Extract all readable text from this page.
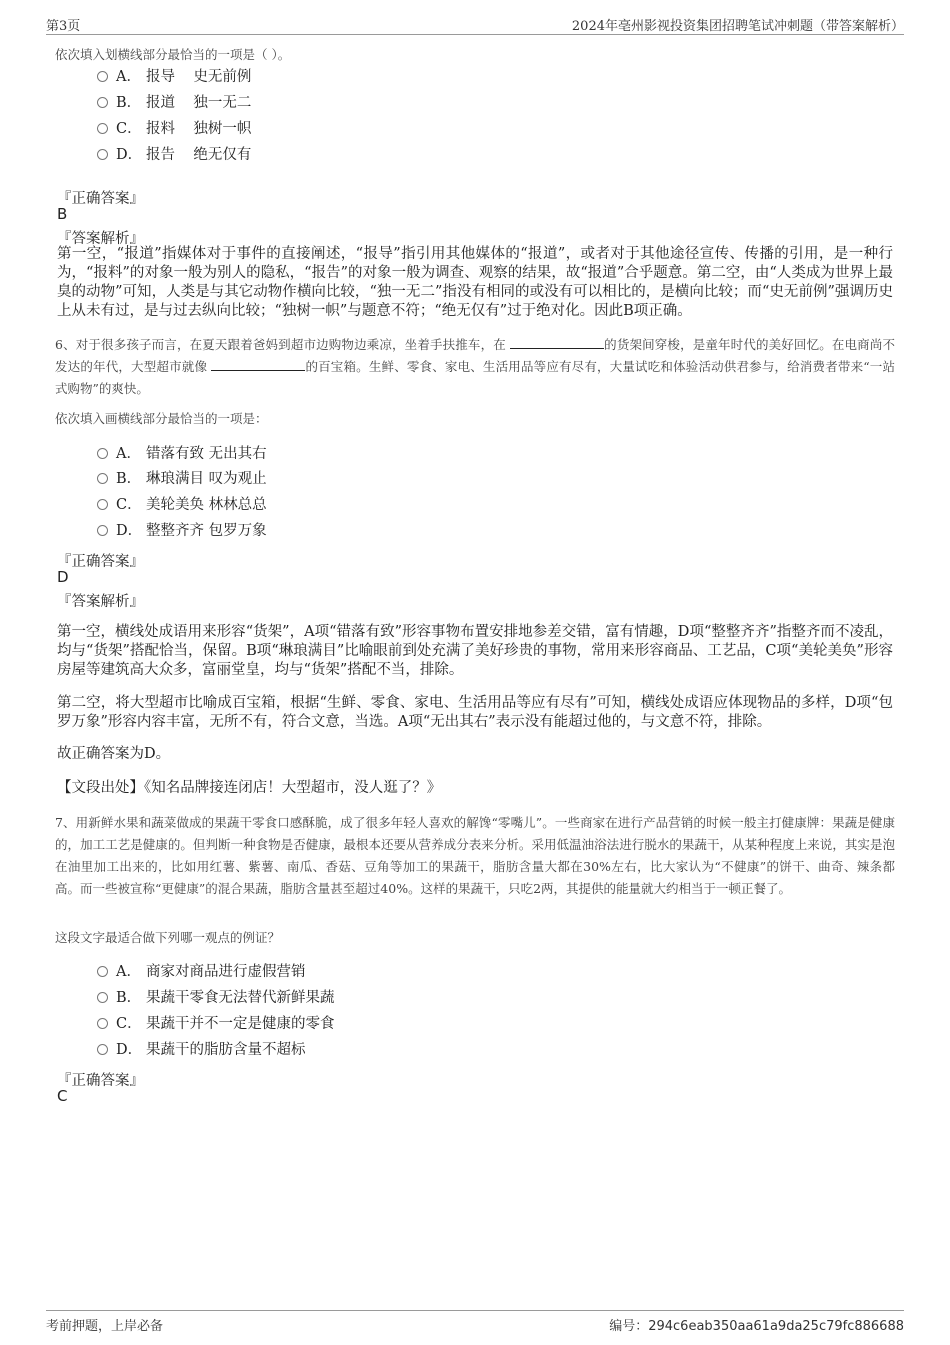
第3页	2024年亳州影视投资集团招聘笔试冲刺题（带答案解析）
依次填入划横线部分最恰当的一项是（ ）。
A． 报导    史无前例
B． 报道    独一无二
C． 报料    独树一帜
D． 报告    绝无仅有
『正确答案』
B
『答案解析』

第一空，“报道”指媒体对于事件的直接阐述，“报导”指引用其他媒体的“报道”，或者对于其他途径宣传、传播的引用，是一种行为，“报料”的对象一般为别人的隐私，“报告”的对象一般为调查、观察的结果，故“报道”合乎题意。第二空，由“人类成为世界上最臭的动物”可知，人类是与其它动物作横向比较，“独一无二”指没有相同的或没有可以相比的，是横向比较；而“史无前例”强调历史上从未有过，是与过去纵向比较；“独树一帜”与题意不符；“绝无仅有”过于绝对化。因此B项正确。

6、对于很多孩子而言，在夏天跟着爸妈到超市边购物边乘凉，坐着手扶推车，在	的货架间穿梭，是童年时代的美好回忆。在电商尚不发达的年代，大型超市就像	的百宝箱。生鲜、零食、家电、生活用品等应有尽有，大量试吃和体验活动供君参与，给消费者带来“一站式购物”的爽快。

依次填入画横线部分最恰当的一项是：
A． 错落有致 无出其右
B． 琳琅满目 叹为观止
C． 美轮美奂 林林总总
D． 整整齐齐 包罗万象
『正确答案』
D
『答案解析』

第一空，横线处成语用来形容“货架”，A项“错落有致”形容事物布置安排地参差交错，富有情趣，D项“整整齐齐”指整齐而不凌乱，均与“货架”搭配恰当，保留。B项“琳琅满目”比喻眼前到处充满了美好珍贵的事物，常用来形容商品、工艺品，C项“美轮美奂”形容房屋等建筑高大众多，富丽堂皇，均与“货架”搭配不当，排除。

第二空，将大型超市比喻成百宝箱，根据“生鲜、零食、家电、生活用品等应有尽有”可知，横线处成语应体现物品的多样，D项“包罗万象”形容内容丰富，无所不有，符合文意，当选。A项“无出其右”表示没有能超过他的，与文意不符，排除。

故正确答案为D。

【文段出处】《知名品牌接连闭店！大型超市，没人逛了？》

7、用新鲜水果和蔬菜做成的果蔬干零食口感酥脆，成了很多年轻人喜欢的解馋“零嘴儿”。一些商家在进行产品营销的时候一般主打健康牌：果蔬是健康的，加工工艺是健康的。但判断一种食物是否健康，最根本还要从营养成分表来分析。采用低温油浴法进行脱水的果蔬干，从某种程度上来说，其实是泡在油里加工出来的，比如用红薯、紫薯、南瓜、香菇、豆角等加工的果蔬干，脂肪含量大都在30%左右，比大家认为“不健康”的饼干、曲奇、辣条都高。而一些被宣称“更健康”的混合果蔬，脂肪含量甚至超过40%。这样的果蔬干，只吃2两，其提供的能量就大约相当于一顿正餐了。

这段文字最适合做下列哪一观点的例证？
A． 商家对商品进行虚假营销
B． 果蔬干零食无法替代新鲜果蔬
C． 果蔬干并不一定是健康的零食
D． 果蔬干的脂肪含量不超标
『正确答案』
C
考前押题，上岸必备	编号：294c6eab350aa61a9da25c79fc886688
